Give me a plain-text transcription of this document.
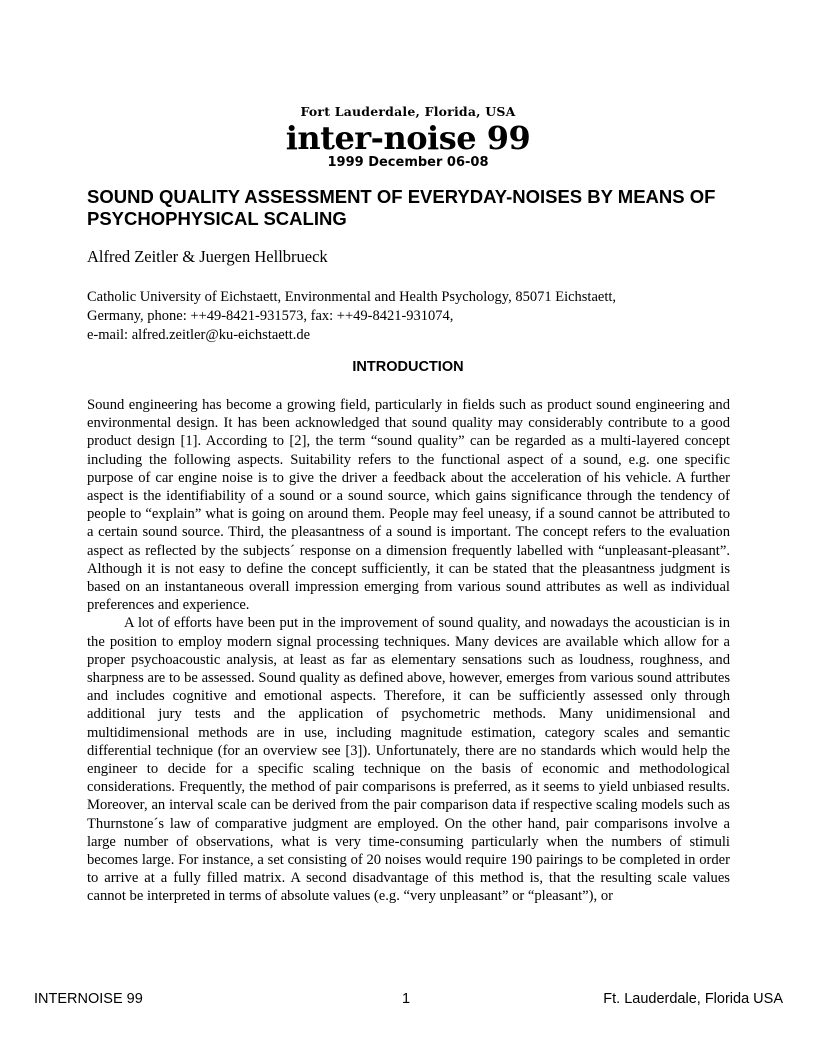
Fort Lauderdale, Florida, USA
inter-noise 99
1999 December 06-08
SOUND QUALITY ASSESSMENT OF EVERYDAY-NOISES BY MEANS OF PSYCHOPHYSICAL SCALING
Alfred Zeitler & Juergen Hellbrueck
Catholic University of Eichstaett, Environmental and Health Psychology, 85071 Eichstaett,
Germany, phone: ++49-8421-931573, fax: ++49-8421-931074,
e-mail: alfred.zeitler@ku-eichstaett.de
INTRODUCTION

Sound engineering has become a growing field, particularly in fields such as product sound engineering and environmental design. It has been acknowledged that sound quality may considerably contribute to a good product design [1]. According to [2], the term “sound quality” can be regarded as a multi-layered concept including the following aspects. Suitability refers to the functional aspect of a sound, e.g. one specific purpose of car engine noise is to give the driver a feedback about the acceleration of his vehicle. A further aspect is the identifiability of a sound or a sound source, which gains significance through the tendency of people to “explain” what is going on around them. People may feel uneasy, if a sound cannot be attributed to a certain sound source. Third, the pleasantness of a sound is important. The concept refers to the evaluation aspect as reflected by the subjects´ response on a dimension frequently labelled with “unpleasant-pleasant”. Although it is not easy to define the concept sufficiently, it can be stated that the pleasantness judgment is based on an instantaneous overall impression emerging from various sound attributes as well as individual preferences and experience.

A lot of efforts have been put in the improvement of sound quality, and nowadays the acoustician is in the position to employ modern signal processing techniques. Many devices are available which allow for a proper psychoacoustic analysis, at least as far as elementary sensations such as loudness, roughness, and sharpness are to be assessed. Sound quality as defined above, however, emerges from various sound attributes and includes cognitive and emotional aspects. Therefore, it can be sufficiently assessed only through additional jury tests and the application of psychometric methods. Many unidimensional and multidimensional methods are in use, including magnitude estimation, category scales and semantic differential technique (for an overview see [3]). Unfortunately, there are no standards which would help the engineer to decide for a specific scaling technique on the basis of economic and methodological considerations. Frequently, the method of pair comparisons is preferred, as it seems to yield unbiased results. Moreover, an interval scale can be derived from the pair comparison data if respective scaling models such as Thurnstone´s law of comparative judgment are employed. On the other hand, pair comparisons involve a large number of observations, what is very time-consuming particularly when the numbers of stimuli becomes large. For instance, a set consisting of 20 noises would require 190 pairings to be completed in order to arrive at a fully filled matrix. A second disadvantage of this method is, that the resulting scale values cannot be interpreted in terms of absolute values (e.g. “very unpleasant” or “pleasant”), or

INTERNOISE 99	1	Ft. Lauderdale, Florida USA
